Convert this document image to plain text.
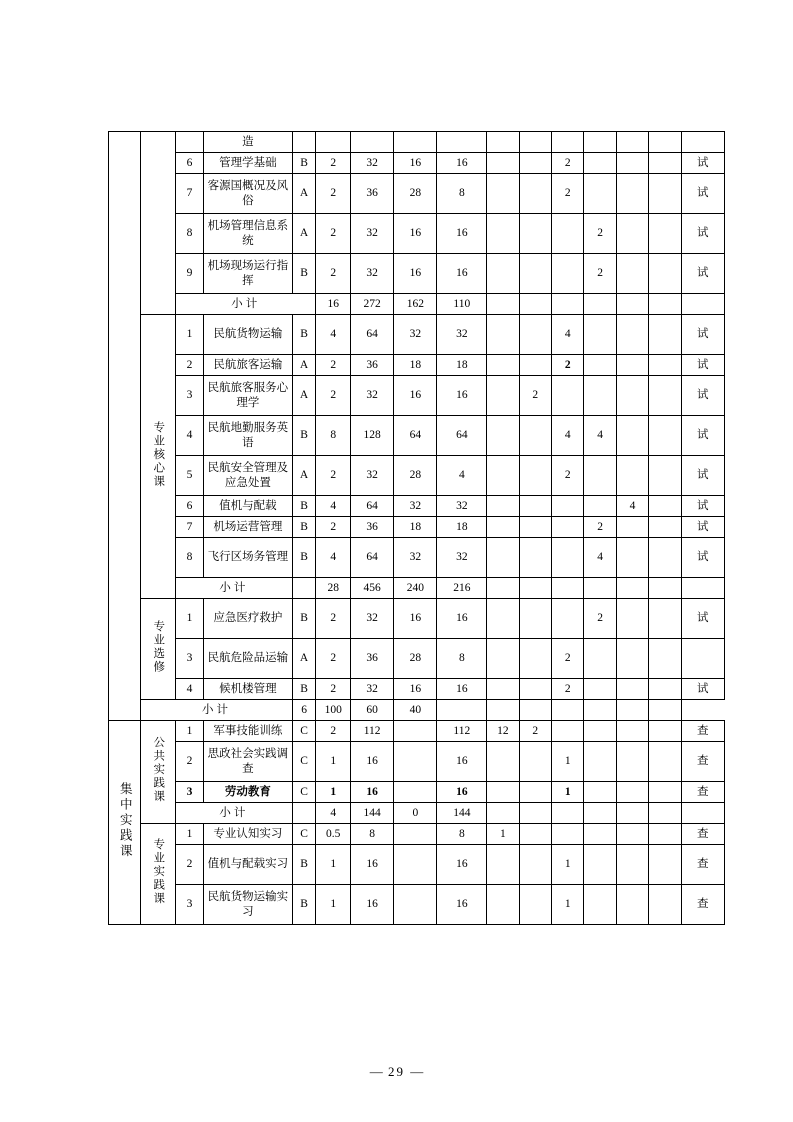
			造												
		6	管理学基础	B	2	32	16	16			2				试
		7	客源国概况及风俗	A	2	36	28	8			2				试
		8	机场管理信息系统	A	2	32	16	16				2			试
		9	机场现场运行指挥	B	2	32	16	16				2			试
		小计			16	272	162	110							
	专业核心课	1	民航货物运输	B	4	64	32	32			4				试
		2	民航旅客运输	A	2	36	18	18			2				试
		3	民航旅客服务心理学	A	2	32	16	16		2					试
		4	民航地勤服务英语	B	8	128	64	64			4	4			试
		5	民航安全管理及应急处置	A	2	32	28	4			2				试
		6	值机与配载	B	4	64	32	32					4		试
		7	机场运营管理	B	2	36	18	18				2			试
		8	飞行区场务管理	B	4	64	32	32				4			试
		小计			28	456	240	216							
	专业选修	1	应急医疗救护	B	2	32	16	16				2			试
		3	民航危险品运输	A	2	36	28	8			2				
		4	候机楼管理	B	2	32	16	16			2				试
	小计			6	100	60	40								
集中实践课	公共实践课	1	军事技能训练	C	2	112		112	12	2					查
		2	思政社会实践调查	C	1	16		16			1				查
		3	劳动教育	C	1	16		16			1				查
		小计			4	144	0	144							
	专业实践课	1	专业认知实习	C	0.5	8		8	1						查
		2	值机与配载实习	B	1	16		16			1				查
		3	民航货物运输实习	B	1	16		16			1				查
— 29 —
